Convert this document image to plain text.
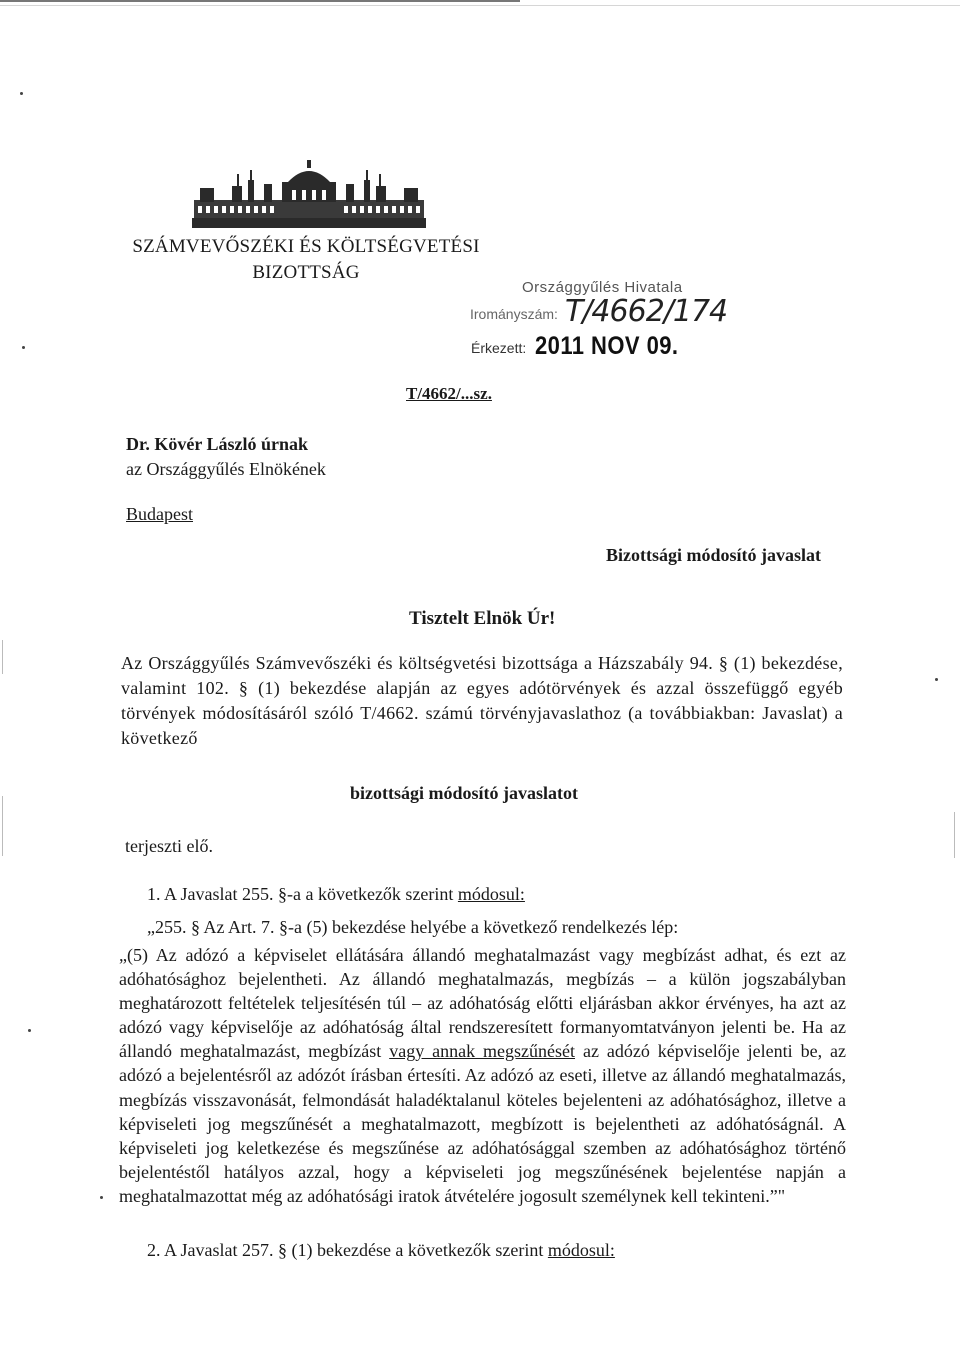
SZÁMVEVŐSZÉKI ÉS KÖLTSÉGVETÉSI
BIZOTTSÁG
Országgyűlés Hivatala
Irományszám: T/4662/174
Érkezett: 2011 NOV 09.
T/4662/...sz.
Dr. Kövér László úrnak
az Országgyűlés Elnökének
Budapest
Bizottsági módosító javaslat
Tisztelt Elnök Úr!
Az Országgyűlés Számvevőszéki és költségvetési bizottsága a Házszabály 94. § (1) bekezdése, valamint 102. § (1) bekezdése alapján az egyes adótörvények és azzal összefüggő egyéb törvények módosításáról szóló T/4662. számú törvényjavaslathoz (a továbbiakban: Javaslat) a következő
bizottsági módosító javaslatot
terjeszti elő.
1. A Javaslat 255. §-a a következők szerint módosul:
„255. § Az Art. 7. §-a (5) bekezdése helyébe a következő rendelkezés lép:
„(5) Az adózó a képviselet ellátására állandó meghatalmazást vagy megbízást adhat, és ezt az adóhatósághoz bejelentheti. Az állandó meghatalmazás, megbízás – a külön jogszabályban meghatározott feltételek teljesítésén túl – az adóhatóság előtti eljárásban akkor érvényes, ha azt az adózó vagy képviselője az adóhatóság által rendszeresített formanyomtatványon jelenti be. Ha az állandó meghatalmazást, megbízást vagy annak megszűnését az adózó képviselője jelenti be, az adózó a bejelentésről az adózót írásban értesíti. Az adózó az eseti, illetve az állandó meghatalmazás, megbízás visszavonását, felmondását haladéktalanul köteles bejelenteni az adóhatósághoz, illetve a képviseleti jog megszűnését a meghatalmazott, megbízott is bejelentheti az adóhatóságnál. A képviseleti jog keletkezése és megszűnése az adóhatósággal szemben az adóhatósághoz történő bejelentéstől hatályos azzal, hogy a képviseleti jog megszűnésének bejelentése napján a meghatalmazottat még az adóhatósági iratok átvételére jogosult személynek kell tekinteni.”"
2. A Javaslat 257. § (1) bekezdése a következők szerint módosul:
